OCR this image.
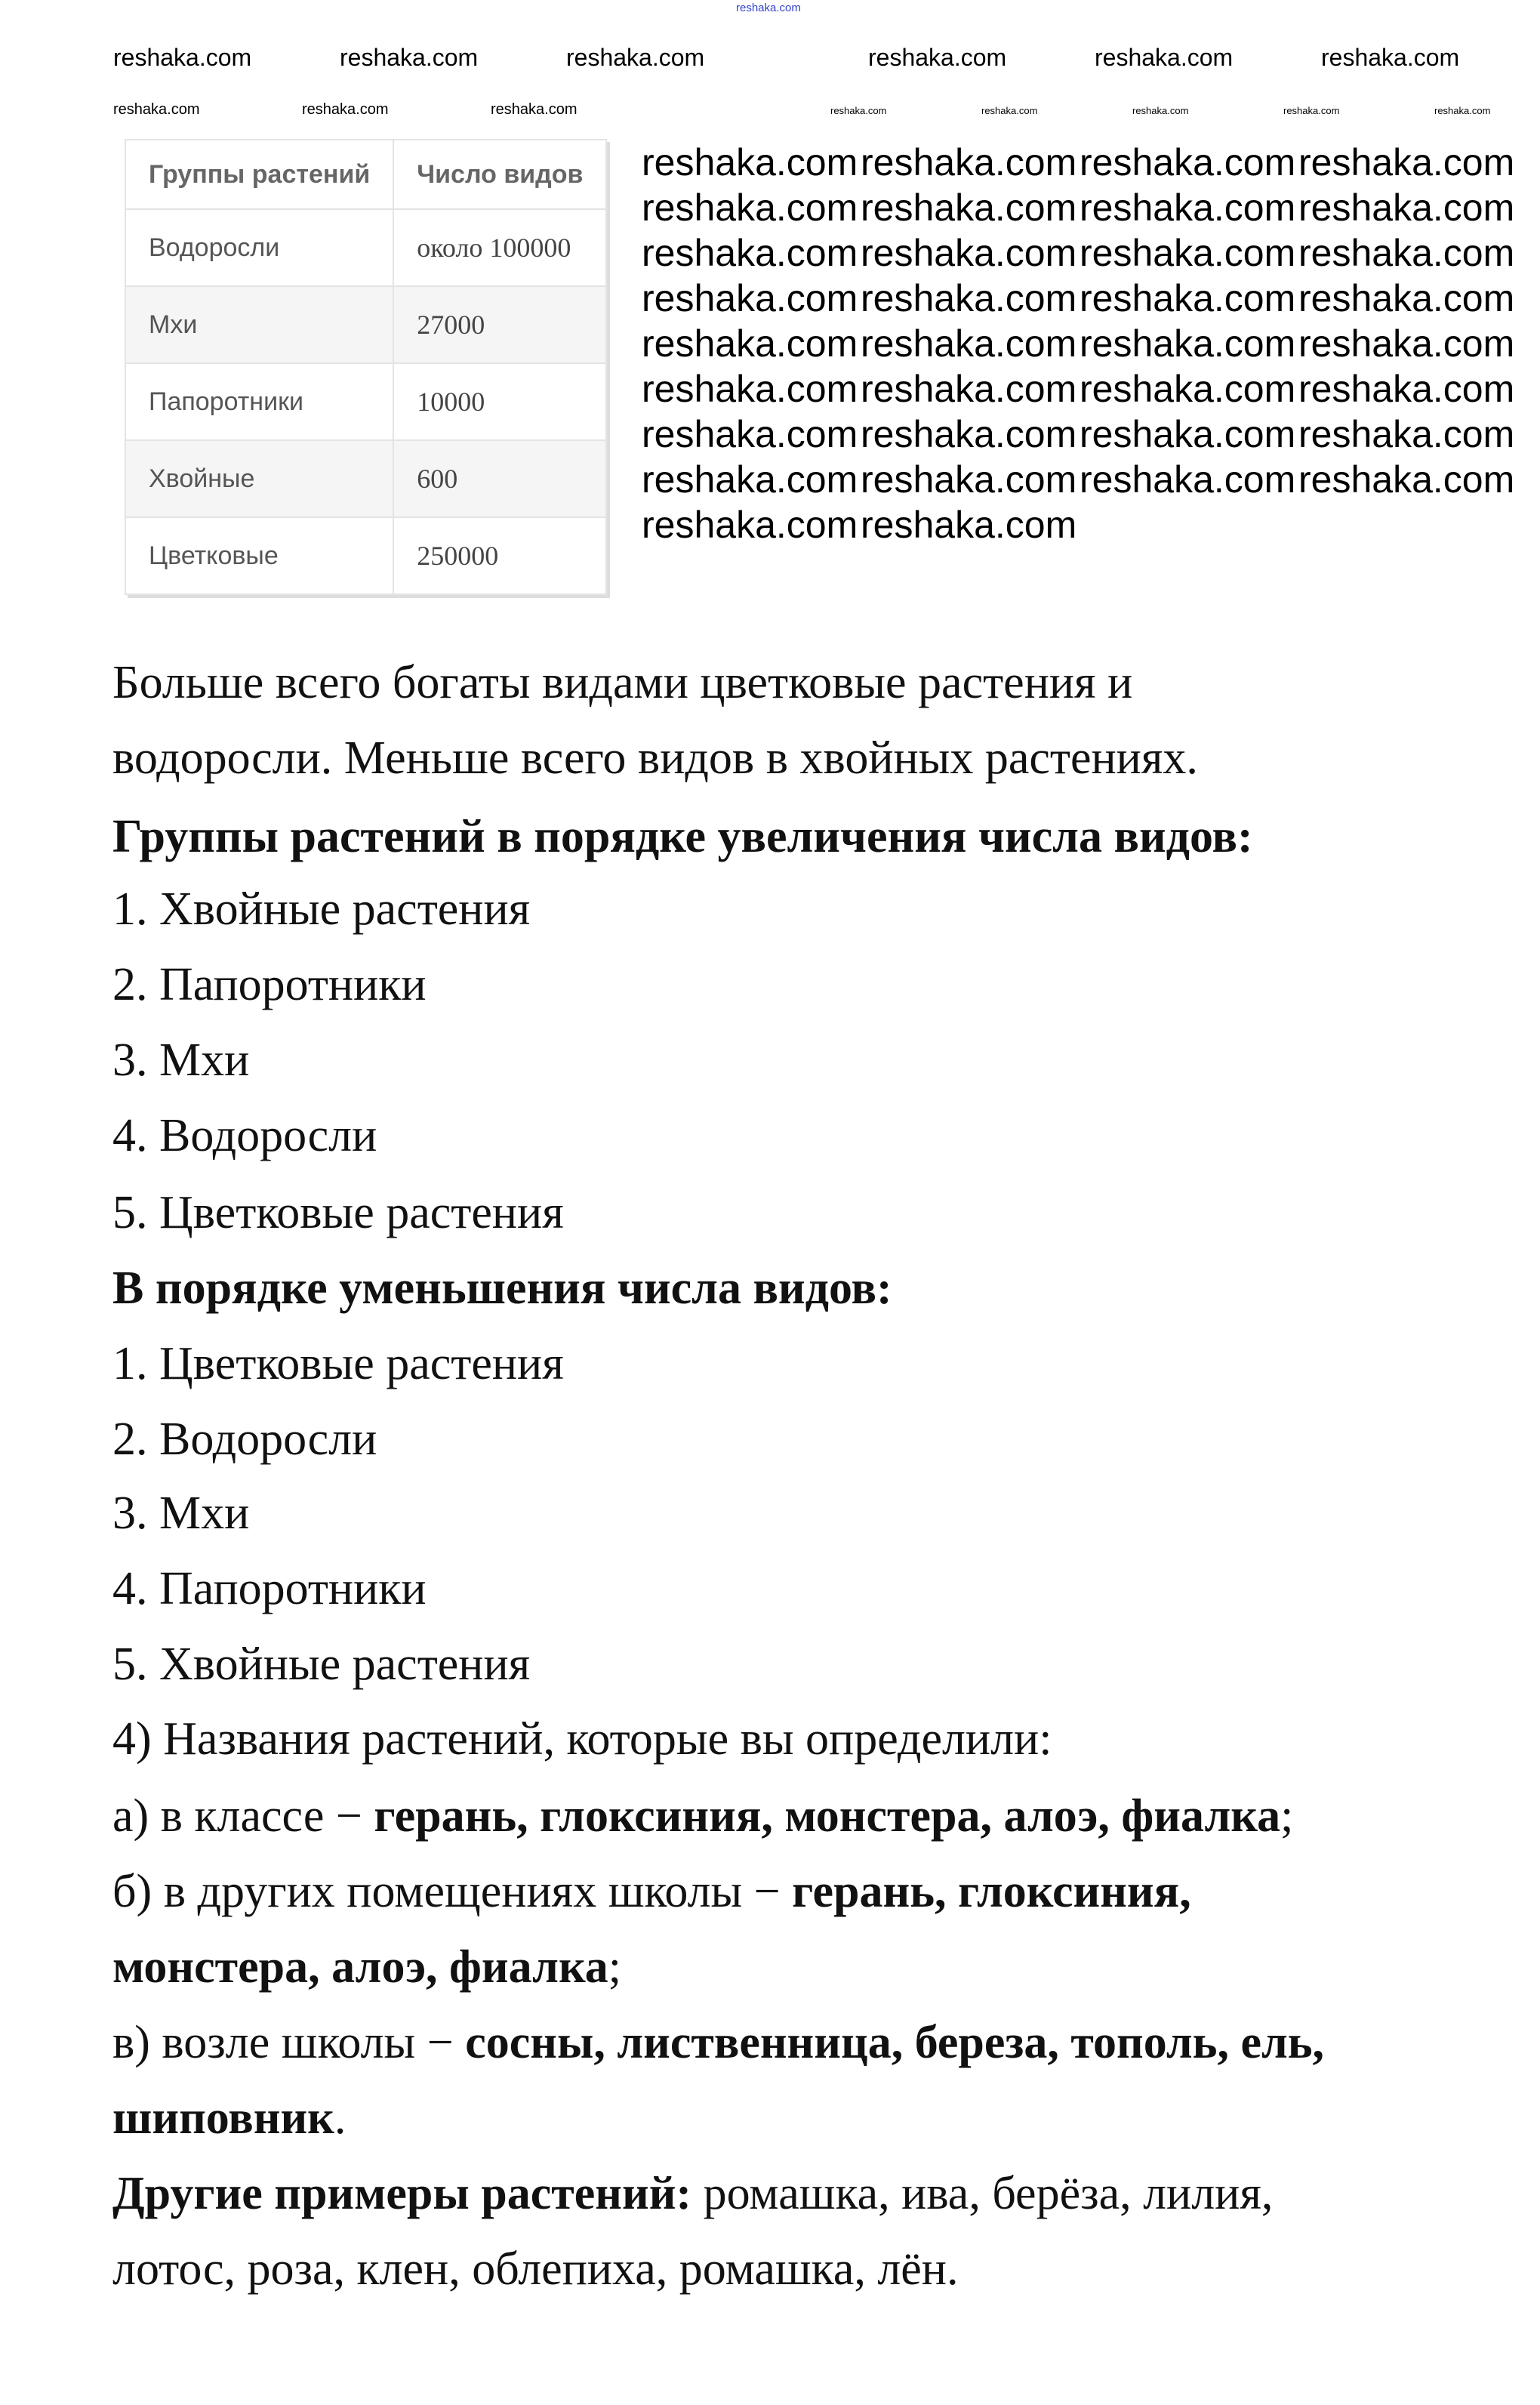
reshaka.com
Группы растений	Число видов
Водоросли	около 100000
Мхи	27000
Папоротники	10000
Хвойные	600
Цветковые	250000
Больше всего богаты видами цветковые растения и
водоросли. Меньше всего видов в хвойных растениях.
Группы растений в порядке увеличения числа видов:
1. Хвойные растения
2. Папоротники
3. Мхи
4. Водоросли
5. Цветковые растения
В порядке уменьшения числа видов:
1. Цветковые растения
2. Водоросли
3. Мхи
4. Папоротники
5. Хвойные растения
4) Названия растений, которые вы определили:
а) в классе − герань, глоксиния, монстера, алоэ, фиалка;
б) в других помещениях школы − герань, глоксиния,
монстера, алоэ, фиалка;
в) возле школы − сосны, лиственница, береза, тополь, ель,
шиповник.
Другие примеры растений: ромашка, ива, берёза, лилия,
лотос, роза, клен, облепиха, ромашка, лён.
reshaka.com	reshaka.com	reshaka.com	reshaka.com	reshaka.com	reshaka.com
reshaka.com	reshaka.com	reshaka.com	reshaka.com	reshaka.com	reshaka.com	reshaka.com	reshaka.com
reshaka.com reshaka.com reshaka.com reshaka.com
reshaka.com reshaka.com reshaka.com reshaka.com
reshaka.com reshaka.com reshaka.com reshaka.com
reshaka.com reshaka.com reshaka.com reshaka.com
reshaka.com reshaka.com reshaka.com reshaka.com
reshaka.com reshaka.com reshaka.com reshaka.com
reshaka.com reshaka.com reshaka.com reshaka.com
reshaka.com reshaka.com reshaka.com reshaka.com
reshaka.com reshaka.com
